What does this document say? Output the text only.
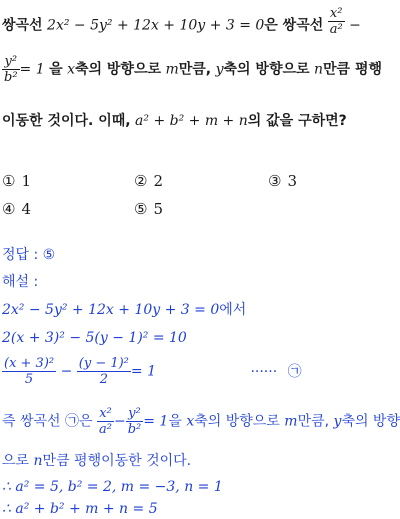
쌍곡선 2x² − 5y² + 12x + 10y + 3 = 0은 쌍곡선 $\frac{\text{x²}}{\text{a²}}$ −
$\frac{\text{y²}}{\text{b²}} = 1$ 을 x축의 방향으로 m만큼, y축의 방향으로 n만큼 평행
이동한 것이다. 이때, a² + b² + m + n의 값을 구하면?
① 1	② 2	③ 3
④ 4	⑤ 5
정답 : ⑤
해설 :
2x² − 5y² + 12x + 10y + 3 = 0에서
2(x + 3)² − 5(y − 1)² = 10
$\frac{\text{(x + 3)²}}{5} - \frac{\text{(y − 1)²}}{2} = 1$	······ ㉠
즉 쌍곡선 ㉠은 $\frac{\text{x²}}{\text{a²}} - \frac{\text{y²}}{\text{b²}} = 1$을 x축의 방향으로 m만큼, y축의 방향
으로 n만큼 평행이동한 것이다.
∴ a² = 5, b² = 2, m = −3, n = 1
∴ a² + b² + m + n = 5
